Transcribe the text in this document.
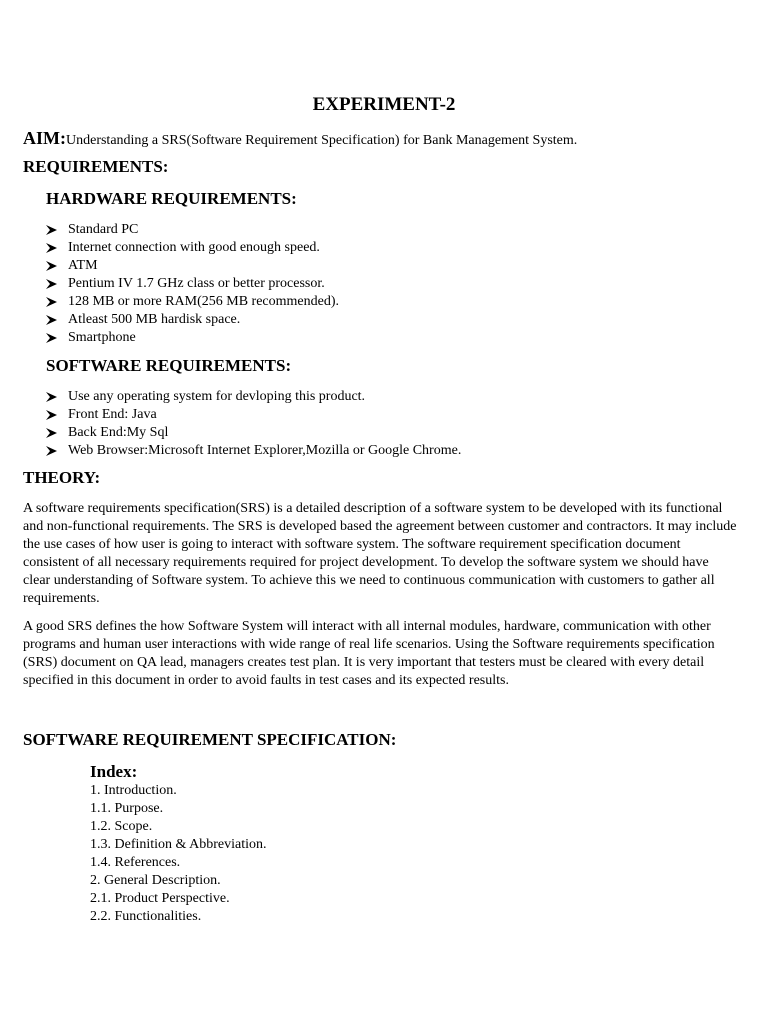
EXPERIMENT-2
AIM:Understanding a SRS(Software Requirement Specification) for Bank Management System.
REQUIREMENTS:
HARDWARE REQUIREMENTS:
Standard PC
Internet connection with good enough speed.
ATM
Pentium IV 1.7 GHz class or better processor.
128 MB or more RAM(256 MB recommended).
Atleast 500 MB hardisk space.
Smartphone
SOFTWARE REQUIREMENTS:
Use any operating system for devloping this product.
Front End: Java
Back End:My Sql
Web Browser:Microsoft Internet Explorer,Mozilla or Google Chrome.
THEORY:

A software requirements specification(SRS) is a detailed description of a software system to be developed with its functional and non-functional requirements. The SRS is developed based the agreement between customer and contractors. It may include the use cases of how user is going to interact with software system. The software requirement specification document consistent of all necessary requirements required for project development. To develop the software system we should have clear understanding of Software system. To achieve this we need to continuous communication with customers to gather all requirements.

A good SRS defines the how Software System will interact with all internal modules, hardware, communication with other programs and human user interactions with wide range of real life scenarios. Using the Software requirements specification (SRS) document on QA lead, managers creates test plan. It is very important that testers must be cleared with every detail specified in this document in order to avoid faults in test cases and its expected results.

SOFTWARE REQUIREMENT SPECIFICATION:
Index:
1. Introduction.
1.1. Purpose.
1.2. Scope.
1.3. Definition & Abbreviation.
1.4. References.
2. General Description.
2.1. Product Perspective.
2.2. Functionalities.
